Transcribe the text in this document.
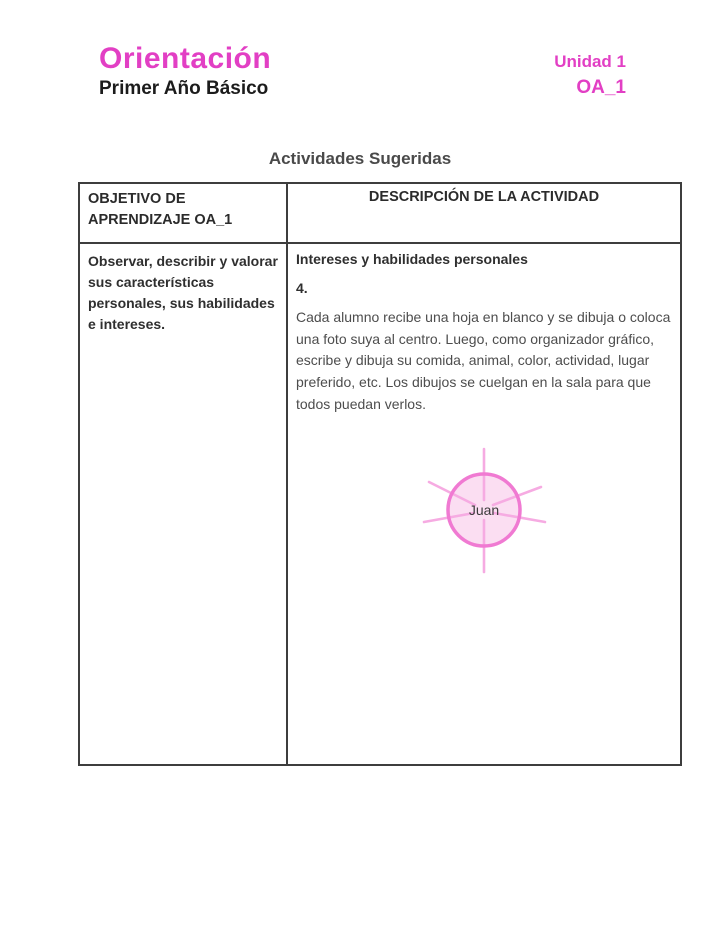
Orientación
Primer Año Básico
Unidad 1
OA_1
Actividades Sugeridas
OBJETIVO DE APRENDIZAJE OA_1	DESCRIPCIÓN DE LA ACTIVIDAD

Observar, describir y valorar sus características personales, sus habilidades e intereses.	Intereses y habilidades personales
4.
Cada alumno recibe una hoja en blanco y se dibuja o coloca una foto suya al centro. Luego, como organizador gráfico, escribe y dibuja su comida, animal, color, actividad, lugar preferido, etc. Los dibujos se cuelgan en la sala para que todos puedan verlos.
Juan
